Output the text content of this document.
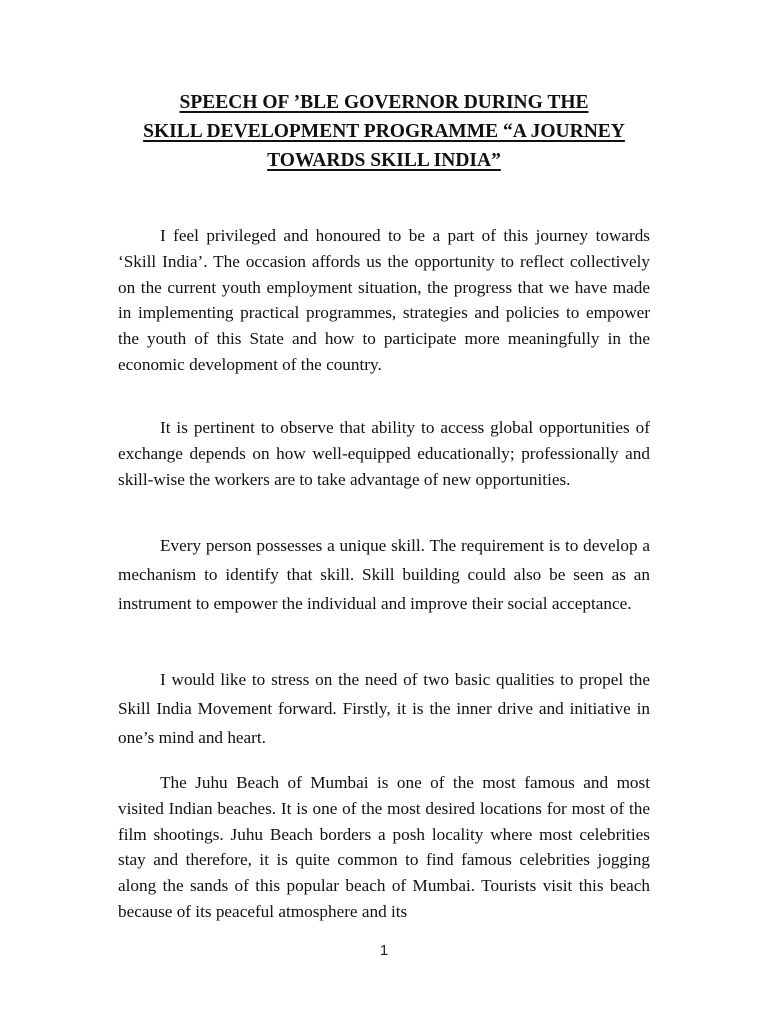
SPEECH OF ’BLE GOVERNOR DURING THE
SKILL DEVELOPMENT PROGRAMME “A JOURNEY
TOWARDS SKILL INDIA”

I feel privileged and honoured to be a part of this journey towards ‘Skill India’. The occasion affords us the opportunity to reflect collectively on the current youth employment situation, the progress that we have made in implementing practical programmes, strategies and policies to empower the youth of this State and how to participate more meaningfully in the economic development of the country.

It is pertinent to observe that ability to access global opportunities of exchange depends on how well-equipped educationally; professionally and skill-wise the workers are to take advantage of new opportunities.

Every person possesses a unique skill. The requirement is to develop a mechanism to identify that skill. Skill building could also be seen as an instrument to empower the individual and improve their social acceptance.

I would like to stress on the need of two basic qualities to propel the Skill India Movement forward. Firstly, it is the inner drive and initiative in one’s mind and heart.

The Juhu Beach of Mumbai is one of the most famous and most visited Indian beaches. It is one of the most desired locations for most of the film shootings. Juhu Beach borders a posh locality where most celebrities stay and therefore, it is quite common to find famous celebrities jogging along the sands of this popular beach of Mumbai. Tourists visit this beach because of its peaceful atmosphere and its

1
